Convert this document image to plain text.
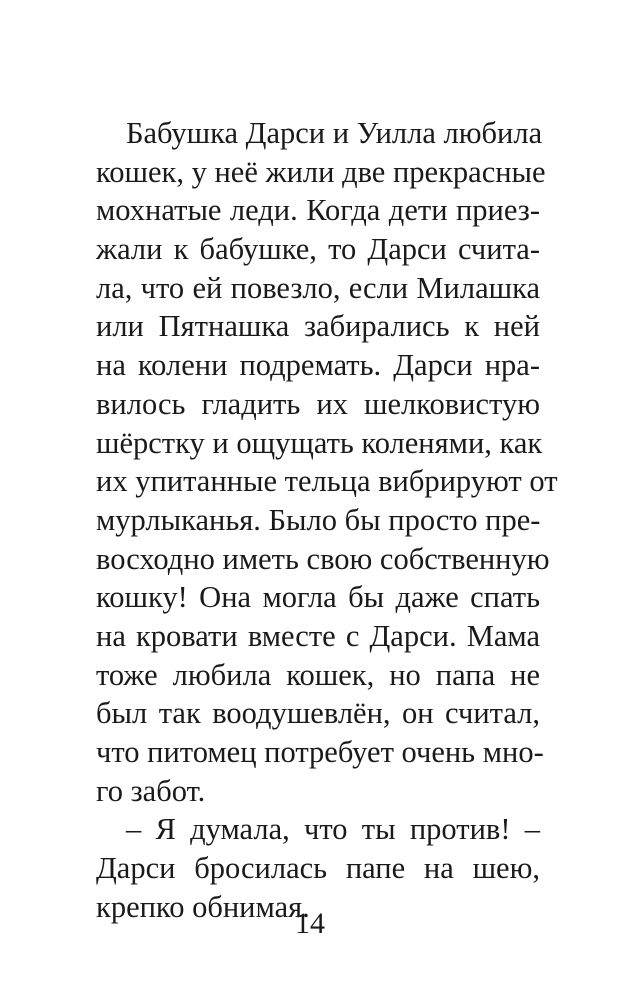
Бабушка Дарси и Уилла любила
кошек, у неё жили две прекрасные
мохнатые леди. Когда дети приез-
жали к бабушке, то Дарси счита-
ла, что ей повезло, если Милашка
или Пятнашка забирались к ней
на колени подремать. Дарси нра-
вилось гладить их шелковистую
шёрстку и ощущать коленями, как
их упитанные тельца вибрируют от
мурлыканья. Было бы просто пре-
восходно иметь свою собственную
кошку! Она могла бы даже спать
на кровати вместе с Дарси. Мама
тоже любила кошек, но папа не
был так воодушевлён, он считал,
что питомец потребует очень мно-
го забот.
– Я думала, что ты против! –
Дарси бросилась папе на шею,
крепко обнимая.
14
